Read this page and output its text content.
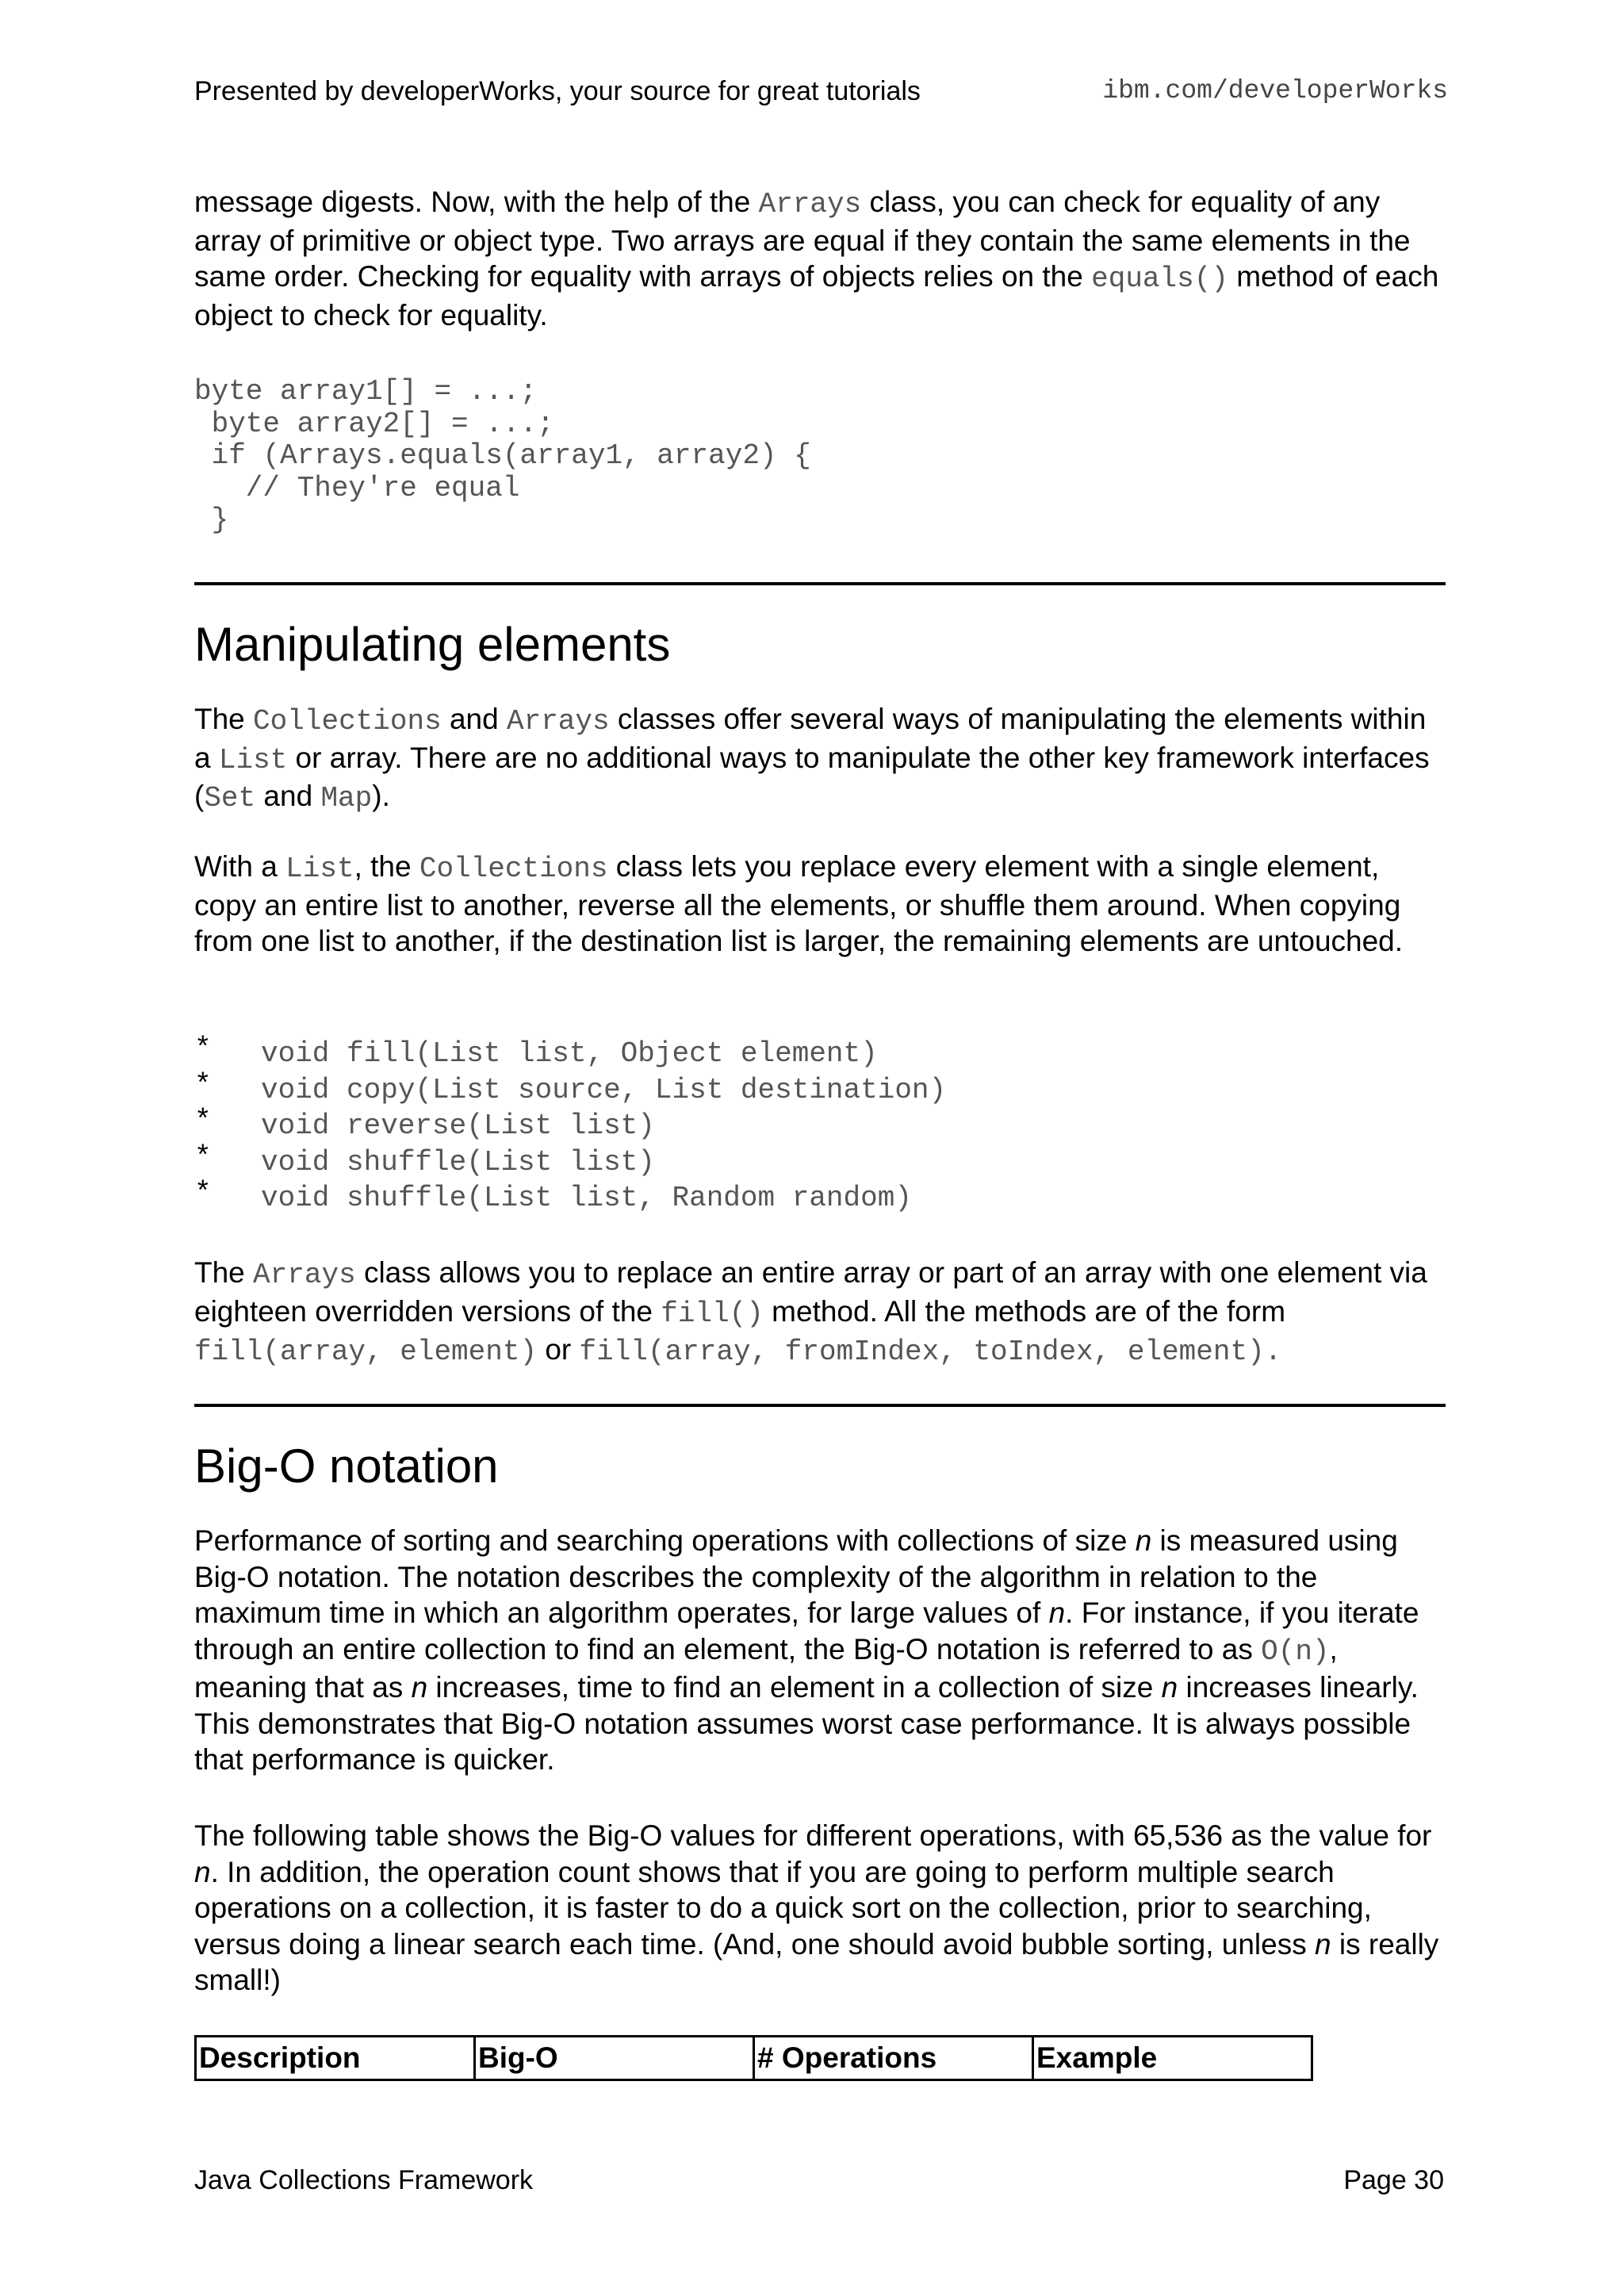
Presented by developerWorks, your source for great tutorials	ibm.com/developerWorks

message digests. Now, with the help of the Arrays class, you can check for equality of any array of primitive or object type. Two arrays are equal if they contain the same elements in the same order. Checking for equality with arrays of objects relies on the equals() method of each object to check for equality.

byte array1[] = ...;
byte array2[] = ...;
if (Arrays.equals(array1, array2) {
// They're equal
}
Manipulating elements

The Collections and Arrays classes offer several ways of manipulating the elements within a List or array. There are no additional ways to manipulate the other key framework interfaces (Set and Map).

With a List, the Collections class lets you replace every element with a single element, copy an entire list to another, reverse all the elements, or shuffle them around. When copying from one list to another, if the destination list is larger, the remaining elements are untouched.

*	void fill(List list, Object element)
*	void copy(List source, List destination)
*	void reverse(List list)
*	void shuffle(List list)
*	void shuffle(List list, Random random)

The Arrays class allows you to replace an entire array or part of an array with one element via eighteen overridden versions of the fill() method. All the methods are of the form fill(array, element) or fill(array, fromIndex, toIndex, element).

Big-O notation

Performance of sorting and searching operations with collections of size n is measured using Big-O notation. The notation describes the complexity of the algorithm in relation to the maximum time in which an algorithm operates, for large values of n. For instance, if you iterate through an entire collection to find an element, the Big-O notation is referred to as O(n), meaning that as n increases, time to find an element in a collection of size n increases linearly. This demonstrates that Big-O notation assumes worst case performance. It is always possible that performance is quicker.

The following table shows the Big-O values for different operations, with 65,536 as the value for n. In addition, the operation count shows that if you are going to perform multiple search operations on a collection, it is faster to do a quick sort on the collection, prior to searching, versus doing a linear search each time. (And, one should avoid bubble sorting, unless n is really small!)

Description	Big-O	# Operations	Example
Java Collections Framework	Page 30
